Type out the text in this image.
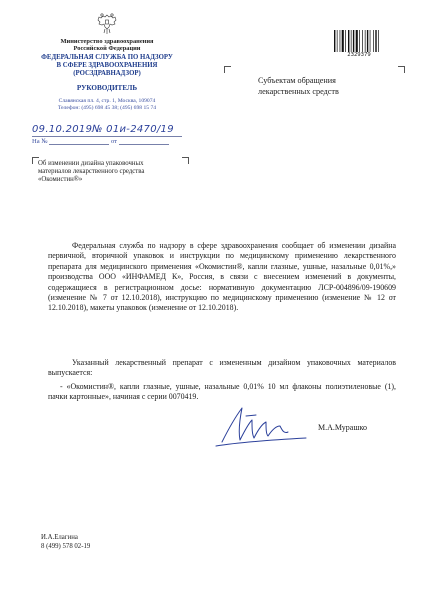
Министерство здравоохранения
Российской Федерации
ФЕДЕРАЛЬНАЯ СЛУЖБА ПО НАДЗОРУ
В СФЕРЕ ЗДРАВООХРАНЕНИЯ
(РОСЗДРАВНАДЗОР)
РУКОВОДИТЕЛЬ
Славянская пл. 4, стр. 1, Москва, 109074
Телефон: (495) 698 45 38; (495) 698 15 74
09.10.2019 № 01и-2470/19
На №	от
Об изменении дизайна упаковочных
материалов лекарственного средства
«Окомистин®»
2329379
Субъектам обращения
лекарственных средств
Федеральная служба по надзору в сфере здравоохранения сообщает об изменении дизайна первичной, вторичной упаковок и инструкции по медицинскому применению лекарственного препарата для медицинского применения «Окомистин®, капли глазные, ушные, назальные 0,01%,» производства ООО «ИНФАМЕД К», Россия, в связи с внесением изменений в документы, содержащиеся в регистрационном досье: нормативную документацию ЛСР-004896/09-190609 (изменение № 7 от 12.10.2018), инструкцию по медицинскому применению (изменение № 12 от 12.10.2018), макеты упаковок (изменение от 12.10.2018).
Указанный лекарственный препарат с измененным дизайном упаковочных материалов выпускается:
- «Окомистин®, капли глазные, ушные, назальные 0,01% 10 мл флаконы полиэтиленовые (1), пачки картонные», начиная с серии 0070419.
М.А.Мурашко
И.А.Елагина
8 (499) 578 02-19
